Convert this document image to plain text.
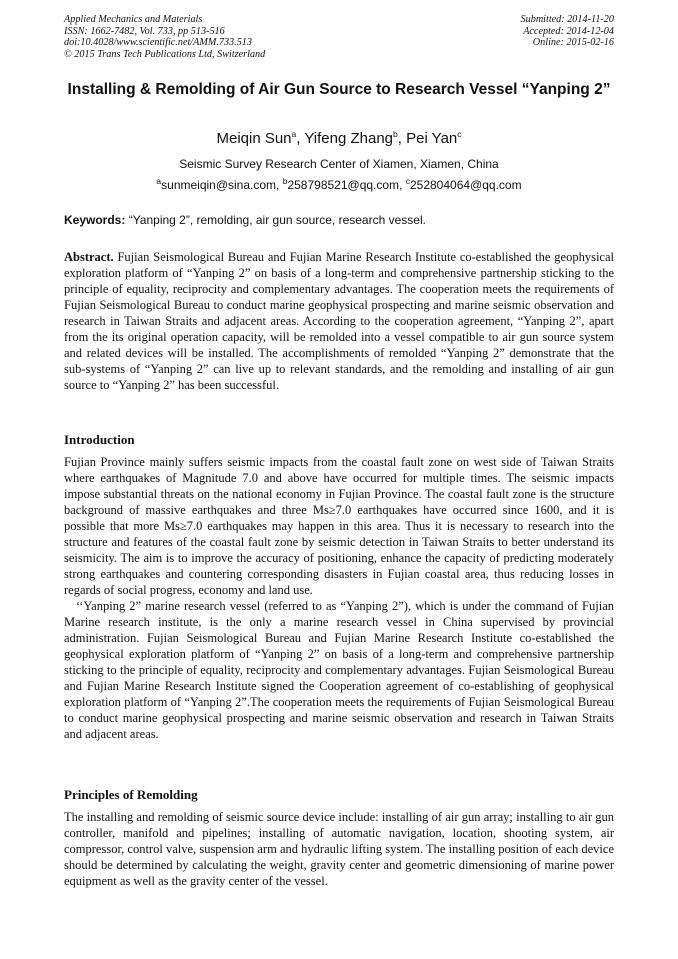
Applied Mechanics and Materials
ISSN: 1662-7482, Vol. 733, pp 513-516
doi:10.4028/www.scientific.net/AMM.733.513
© 2015 Trans Tech Publications Ltd, Switzerland
Submitted: 2014-11-20
Accepted: 2014-12-04
Online: 2015-02-16
Installing & Remolding of Air Gun Source to Research Vessel “Yanping 2”
Meiqin Sun$^a$, Yifeng Zhang$^b$, Pei Yan$^c$
Seismic Survey Research Center of Xiamen, Xiamen, China
$^a$sunmeiqin@sina.com, $^b$258798521@qq.com, $^c$252804064@qq.com
Keywords: “Yanping 2”, remolding, air gun source, research vessel.
Abstract. Fujian Seismological Bureau and Fujian Marine Research Institute co-established the geophysical exploration platform of “Yanping 2” on basis of a long-term and comprehensive partnership sticking to the principle of equality, reciprocity and complementary advantages. The cooperation meets the requirements of Fujian Seismological Bureau to conduct marine geophysical prospecting and marine seismic observation and research in Taiwan Straits and adjacent areas. According to the cooperation agreement, “Yanping 2”, apart from the its original operation capacity, will be remolded into a vessel compatible to air gun source system and related devices will be installed. The accomplishments of remolded “Yanping 2” demonstrate that the sub-systems of “Yanping 2” can live up to relevant standards, and the remolding and installing of air gun source to “Yanping 2” has been successful.
Introduction

Fujian Province mainly suffers seismic impacts from the coastal fault zone on west side of Taiwan Straits where earthquakes of Magnitude 7.0 and above have occurred for multiple times. The seismic impacts impose substantial threats on the national economy in Fujian Province. The coastal fault zone is the structure background of massive earthquakes and three Ms≥7.0 earthquakes have occurred since 1600, and it is possible that more Ms≥7.0 earthquakes may happen in this area. Thus it is necessary to research into the structure and features of the coastal fault zone by seismic detection in Taiwan Straits to better understand its seismicity. The aim is to improve the accuracy of positioning, enhance the capacity of predicting moderately strong earthquakes and countering corresponding disasters in Fujian coastal area, thus reducing losses in regards of social progress, economy and land use.

‘‘Yanping 2” marine research vessel (referred to as “Yanping 2”), which is under the command of Fujian Marine research institute, is the only a marine research vessel in China supervised by provincial administration. Fujian Seismological Bureau and Fujian Marine Research Institute co-established the geophysical exploration platform of “Yanping 2” on basis of a long-term and comprehensive partnership sticking to the principle of equality, reciprocity and complementary advantages. Fujian Seismological Bureau and Fujian Marine Research Institute signed the Cooperation agreement of co-establishing of geophysical exploration platform of “Yanping 2”.The cooperation meets the requirements of Fujian Seismological Bureau to conduct marine geophysical prospecting and marine seismic observation and research in Taiwan Straits and adjacent areas.

Principles of Remolding

The installing and remolding of seismic source device include: installing of air gun array; installing to air gun controller, manifold and pipelines; installing of automatic navigation, location, shooting system, air compressor, control valve, suspension arm and hydraulic lifting system. The installing position of each device should be determined by calculating the weight, gravity center and geometric dimensioning of marine power equipment as well as the gravity center of the vessel.
